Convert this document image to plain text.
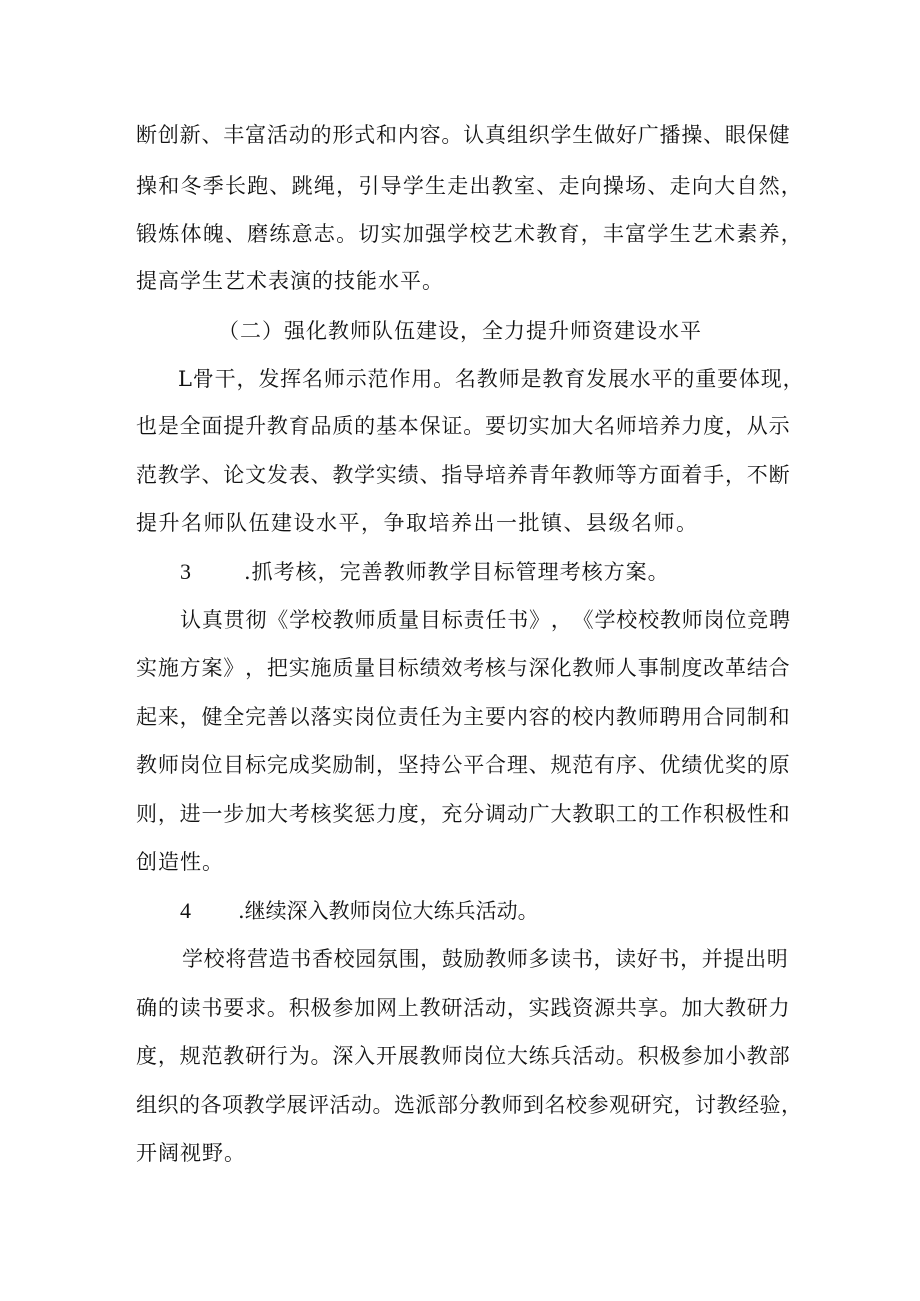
断 创 新 、 丰 富 活 动 的 形 式 和 内 容 。 认 真 组 织 学 生 做 好 广 播 操 、 眼 保 健
操 和 冬 季 长 跑 、 跳 绳 ， 引 导 学 生 走 出 教 室 、 走 向 操 场 、 走 向 大 自 然 ，
锻 炼 体 魄 、 磨 练 意 志 。 切 实 加 强 学 校 艺 术 教 育 ， 丰 富 学 生 艺 术 素 养 ，
提高学生艺术表演的技能水平。
（二）强化教师队伍建设，全力提升师资建设水平
L 骨 干 ， 发 挥 名 师 示 范 作 用 。 名 教 师 是 教 育 发 展 水 平 的 重 要 体 现 ，
也 是 全 面 提 升 教 育 品 质 的 基 本 保 证 。 要 切 实 加 大 名 师 培 养 力 度 ， 从 示
范 教 学 、 论 文 发 表 、 教 学 实 绩 、 指 导 培 养 青 年 教 师 等 方 面 着 手 ， 不 断
提升名师队伍建设水平，争取培养出一批镇、县级名师。
3	.抓考核，完善教师教学目标管理考核方案。
认 真 贯 彻 《 学 校 教 师 质 量 目 标 责 任 书 》 ， 《 学 校 校 教 师 岗 位 竞 聘
实 施 方 案 》 ， 把 实 施 质 量 目 标 绩 效 考 核 与 深 化 教 师 人 事 制 度 改 革 结 合
起 来 ， 健 全 完 善 以 落 实 岗 位 责 任 为 主 要 内 容 的 校 内 教 师 聘 用 合 同 制 和
教 师 岗 位 目 标 完 成 奖 励 制 ， 坚 持 公 平 合 理 、 规 范 有 序 、 优 绩 优 奖 的 原
则 ， 进 一 步 加 大 考 核 奖 惩 力 度 ， 充 分 调 动 广 大 教 职 工 的 工 作 积 极 性 和
创造性。
4	.继续深入教师岗位大练兵活动。
学 校 将 营 造 书 香 校 园 氛 围 ， 鼓 励 教 师 多 读 书 ， 读 好 书 ， 并 提 出 明
确 的 读 书 要 求 。 积 极 参 加 网 上 教 研 活 动 ， 实 践 资 源 共 享 。 加 大 教 研 力
度 ， 规 范 教 研 行 为 。 深 入 开 展 教 师 岗 位 大 练 兵 活 动 。 积 极 参 加 小 教 部
组 织 的 各 项 教 学 展 评 活 动 。 选 派 部 分 教 师 到 名 校 参 观 研 究 ， 讨 教 经 验 ，
开阔视野。
